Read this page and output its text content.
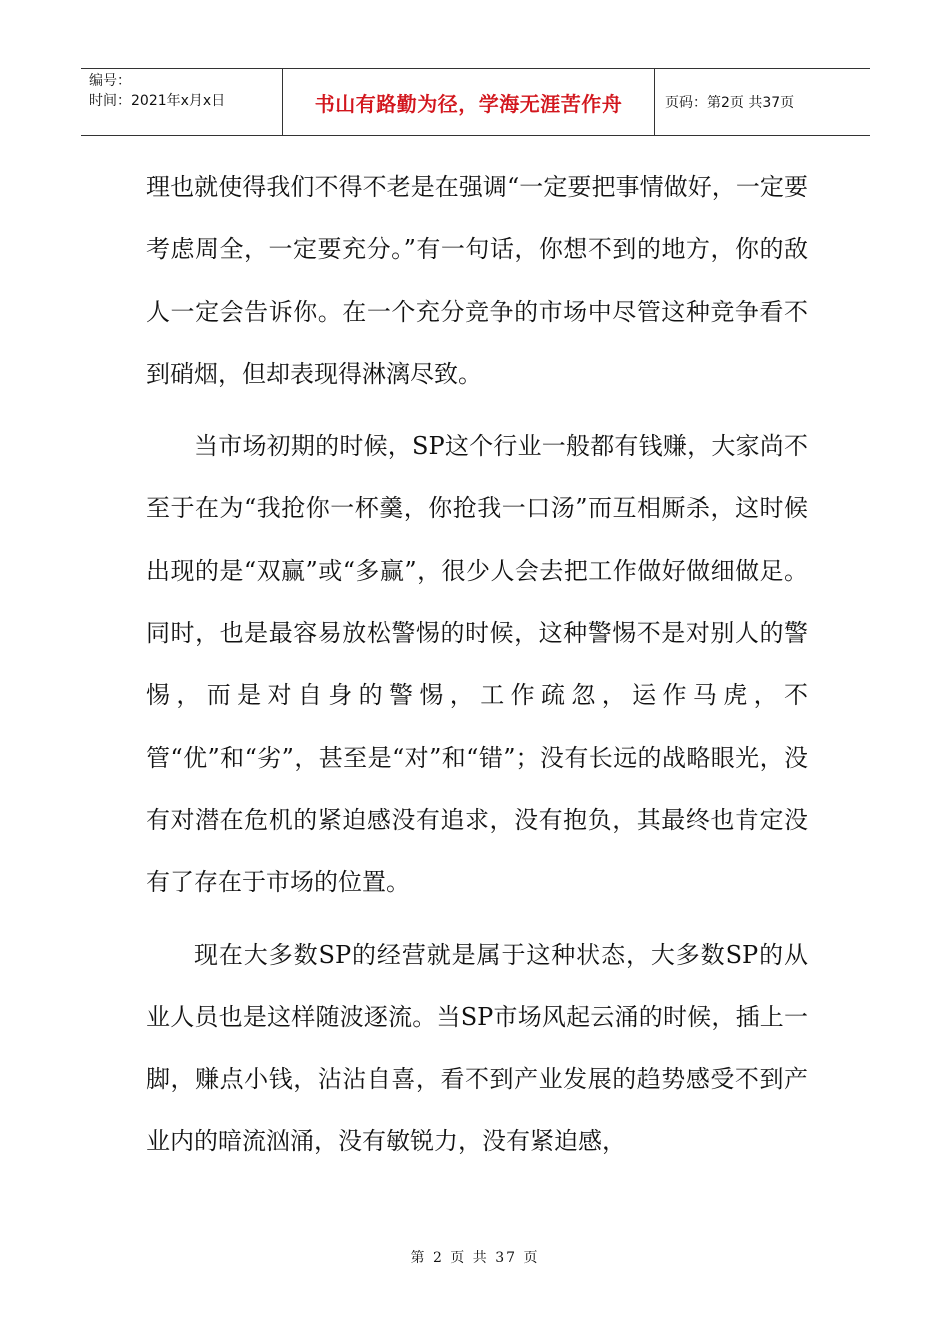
编号：
时间：2021年x月x日	书山有路勤为径，学海无涯苦作舟	页码：第2页 共37页

理也就使得我们不得不老是在强调“一定要把事情做好，一定要考虑周全，一定要充分。”有一句话，你想不到的地方，你的敌人一定会告诉你。在一个充分竞争的市场中尽管这种竞争看不到硝烟，但却表现得淋漓尽致。

当市场初期的时候，SP这个行业一般都有钱赚，大家尚不至于在为“我抢你一杯羹，你抢我一口汤”而互相厮杀，这时候出现的是“双赢”或“多赢”，很少人会去把工作做好做细做足。同时，也是最容易放松警惕的时候，这种警惕不是对别人的警惕，而是对自身的警惕，工作疏忽，运作马虎，不管“优”和“劣”，甚至是“对”和“错”；没有长远的战略眼光，没有对潜在危机的紧迫感没有追求，没有抱负，其最终也肯定没有了存在于市场的位置。

现在大多数SP的经营就是属于这种状态，大多数SP的从业人员也是这样随波逐流。当SP市场风起云涌的时候，插上一脚，赚点小钱，沾沾自喜，看不到产业发展的趋势感受不到产业内的暗流汹涌，没有敏锐力，没有紧迫感，

第 2 页 共 37 页
